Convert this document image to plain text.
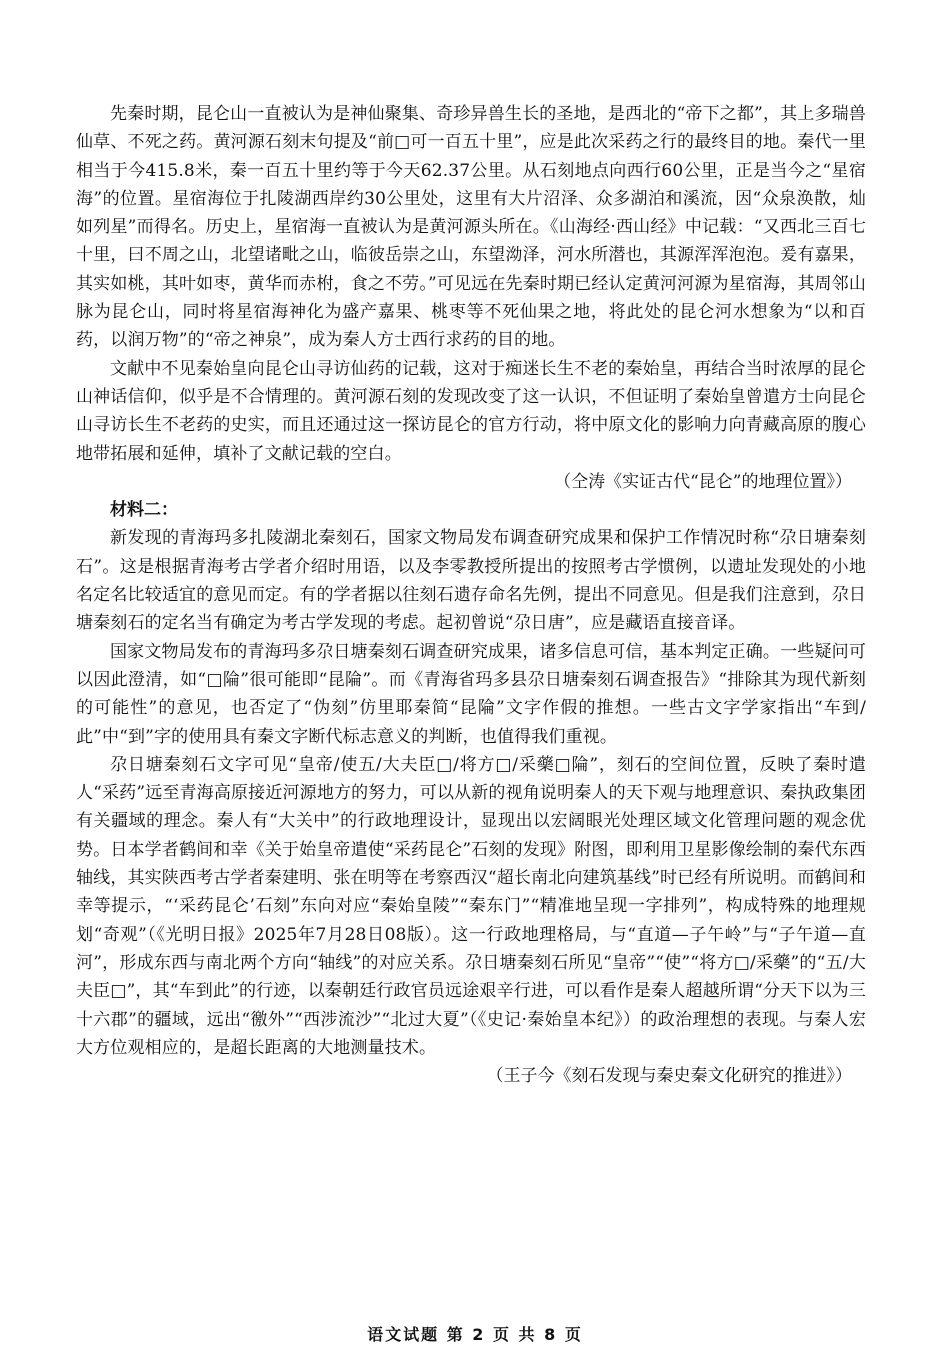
先秦时期，昆仑山一直被认为是神仙聚集、奇珍异兽生长的圣地，是西北的“帝下之都”，其上多瑞兽仙草、不死之药。黄河源石刻末句提及“前□可一百五十里”，应是此次采药之行的最终目的地。秦代一里相当于今415.8米，秦一百五十里约等于今天62.37公里。从石刻地点向西行60公里，正是当今之“星宿海”的位置。星宿海位于扎陵湖西岸约30公里处，这里有大片沼泽、众多湖泊和溪流，因“众泉涣散，灿如列星”而得名。历史上，星宿海一直被认为是黄河源头所在。《山海经·西山经》中记载：“又西北三百七十里，曰不周之山，北望诸毗之山，临彼岳崇之山，东望泑泽，河水所潜也，其源浑浑泡泡。爰有嘉果，其实如桃，其叶如枣，黄华而赤柎，食之不劳。”可见远在先秦时期已经认定黄河河源为星宿海，其周邻山脉为昆仑山，同时将星宿海神化为盛产嘉果、桃枣等不死仙果之地，将此处的昆仑河水想象为“以和百药，以润万物”的“帝之神泉”，成为秦人方士西行求药的目的地。

文献中不见秦始皇向昆仑山寻访仙药的记载，这对于痴迷长生不老的秦始皇，再结合当时浓厚的昆仑山神话信仰，似乎是不合情理的。黄河源石刻的发现改变了这一认识，不但证明了秦始皇曾遣方士向昆仑山寻访长生不老药的史实，而且还通过这一探访昆仑的官方行动，将中原文化的影响力向青藏高原的腹心地带拓展和延伸，填补了文献记载的空白。

（仝涛《实证古代“昆仑”的地理位置》）

材料二：

新发现的青海玛多扎陵湖北秦刻石，国家文物局发布调查研究成果和保护工作情况时称“尕日塘秦刻石”。这是根据青海考古学者介绍时用语，以及李零教授所提出的按照考古学惯例，以遗址发现处的小地名定名比较适宜的意见而定。有的学者据以往刻石遗存命名先例，提出不同意见。但是我们注意到，尕日塘秦刻石的定名当有确定为考古学发现的考虑。起初曾说“尕日唐”，应是藏语直接音译。

国家文物局发布的青海玛多尕日塘秦刻石调查研究成果，诸多信息可信，基本判定正确。一些疑问可以因此澄清，如“□陯”很可能即“昆陯”。而《青海省玛多县尕日塘秦刻石调查报告》“排除其为现代新刻的可能性”的意见，也否定了“伪刻”仿里耶秦简“昆陯”文字作假的推想。一些古文字学家指出“车到/此”中“到”字的使用具有秦文字断代标志意义的判断，也值得我们重视。

尕日塘秦刻石文字可见“皇帝/使五/大夫臣□/将方□/采藥□陯”，刻石的空间位置，反映了秦时遣人“采药”远至青海高原接近河源地方的努力，可以从新的视角说明秦人的天下观与地理意识、秦执政集团有关疆域的理念。秦人有“大关中”的行政地理设计，显现出以宏阔眼光处理区域文化管理问题的观念优势。日本学者鹤间和幸《关于始皇帝遣使“采药昆仑”石刻的发现》附图，即利用卫星影像绘制的秦代东西轴线，其实陕西考古学者秦建明、张在明等在考察西汉“超长南北向建筑基线”时已经有所说明。而鹤间和幸等提示，“‘采药昆仑’石刻”东向对应“秦始皇陵”“秦东门”“精准地呈现一字排列”，构成特殊的地理规划“奇观”（《光明日报》2025年7月28日08版）。这一行政地理格局，与“直道—子午岭”与“子午道—直河”，形成东西与南北两个方向“轴线”的对应关系。尕日塘秦刻石所见“皇帝”“使”“将方□/采藥”的“五/大夫臣□”，其“车到此”的行迹，以秦朝廷行政官员远途艰辛行进，可以看作是秦人超越所谓“分天下以为三十六郡”的疆域，远出“徼外”“西涉流沙”“北过大夏”（《史记·秦始皇本纪》）的政治理想的表现。与秦人宏大方位观相应的，是超长距离的大地测量技术。

（王子今《刻石发现与秦史秦文化研究的推进》）

语文试题 第 2 页 共 8 页
